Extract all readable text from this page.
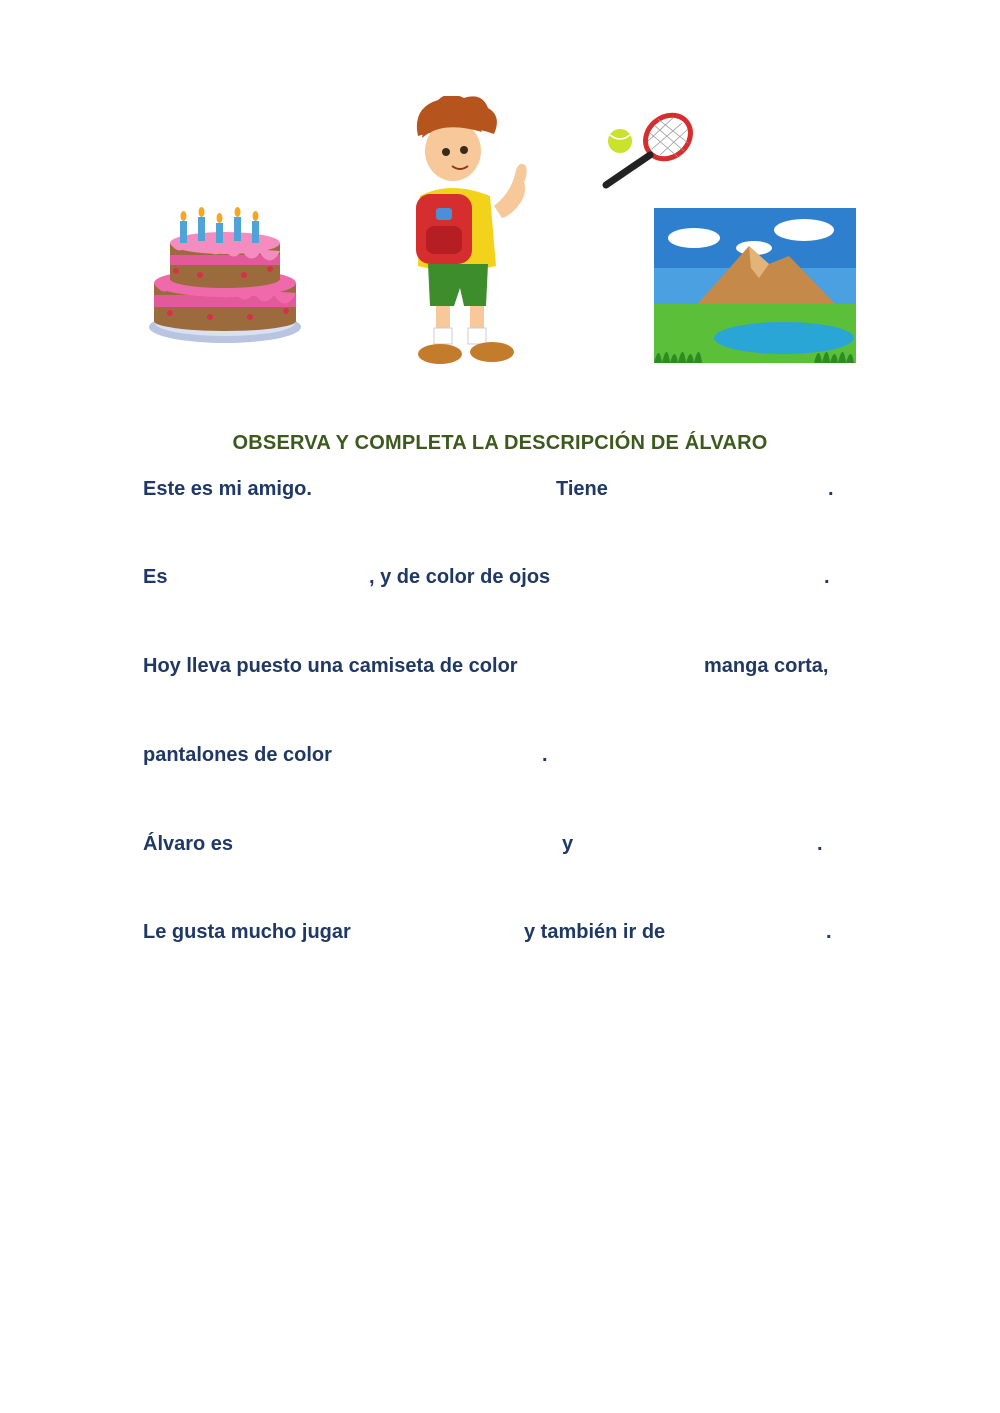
OBSERVA Y COMPLETA LA DESCRIPCIÓN DE ÁLVARO
Este es mi amigo.	Tiene	.
Es	, y de color de ojos	.
Hoy lleva puesto una camiseta de color	manga corta,
pantalones de color	.
Álvaro es	y	.
Le gusta mucho jugar	y también ir de	.
